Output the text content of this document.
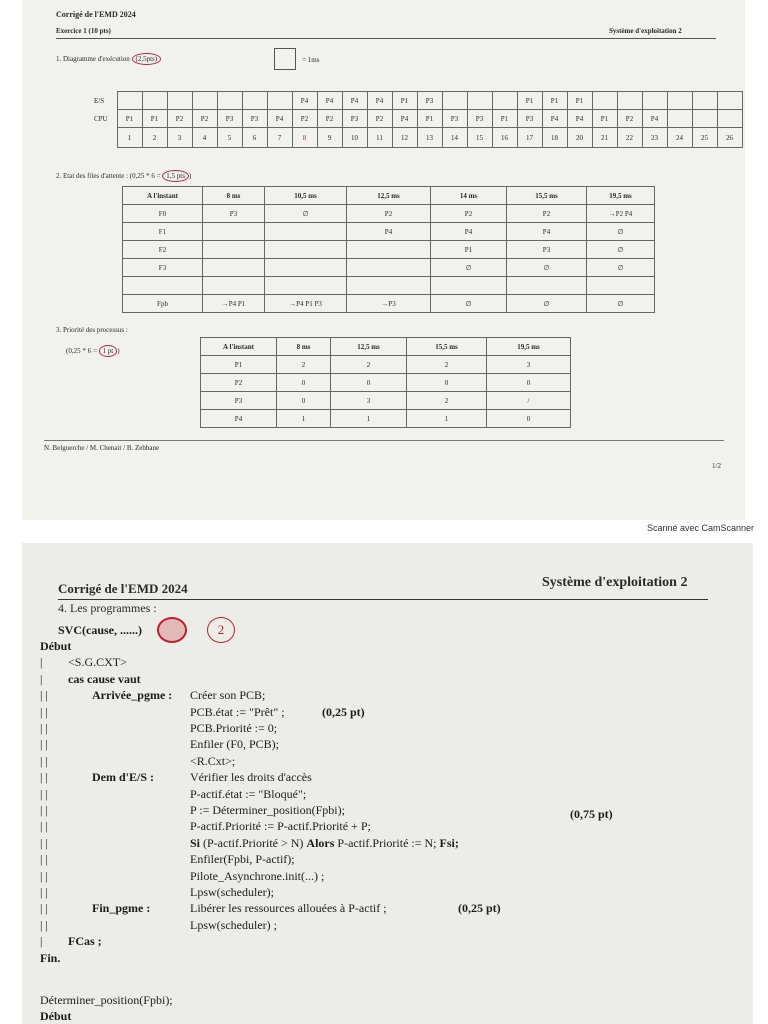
Corrigé de l'EMD 2024
Exercice 1 (10 pts)	Système d'exploitation 2
1. Diagramme d'exécution (2,5pts)	= 1ms
E/S								P4	P4	P4	P4	P1	P3				P1	P1	P1						
CPU	P1	P1	P2	P2	P3	P3	P4	P2	P2	P3	P2	P4	P1	P3	P3	P1	P3	P4	P4	P1	P2	P4			
	1	2	3	4	5	6	7	8	9	10	11	12	13	14	15	16	17	18	20	21	22	23	24	25	26
2. Etat des files d'attente : (0,25 * 6 = 1,5 pts )
A l'instant	8 ms	10,5 ms	12,5 ms	14 ms	15,5 ms	19,5 ms
F0	P3	∅	P2	P2	P2	→P2 P4
F1			P4	P4	P4	∅
F2				P1	P3	∅
F3				∅	∅	∅

Fpb	→P4 P1	→P4 P1 P3	→P3	∅	∅	∅
3. Priorité des processus :
(0,25 * 6 = 1 pt )
A l'instant	8 ms	12,5 ms	15,5 ms	19,5 ms
P1	2	2	2	3
P2	0	0	0	0
P3	0	3	2	/
P4	1	1	1	0
N. Belguerche / M. Chenait / B. Zebbane
1/2
Scanné avec CamScanner
Corrigé de l'EMD 2024	Système d'exploitation 2
4. Les programmes :
SVC(cause, ......)	2
Début
| <S.G.CXT>
| cas cause vaut
| |	Arrivée_pgme : Créer son PCB;
| |	PCB.état := "Prêt" ;	(0,25 pt)
| |	PCB.Priorité := 0;
| |	Enfiler (F0, PCB);
| |	<R.Cxt>;
| |	Dem d'E/S :	Vérifier les droits d'accès
| |	P-actif.état := "Bloqué";
| |	P := Déterminer_position(Fpbi);	(0,75 pt)
| |	P-actif.Priorité := P-actif.Priorité + P;
| |	Si (P-actif.Priorité > N) Alors P-actif.Priorité := N; Fsi;
| |	Enfiler(Fpbi, P-actif);
| |	Pilote_Asynchrone.init(...) ;
| |	Lpsw(scheduler);
| |	Fin_pgme :	Libérer les ressources allouées à P-actif ;	(0,25 pt)
| |	Lpsw(scheduler) ;
| FCas ;
Fin.
Déterminer_position(Fpbi);
Début
